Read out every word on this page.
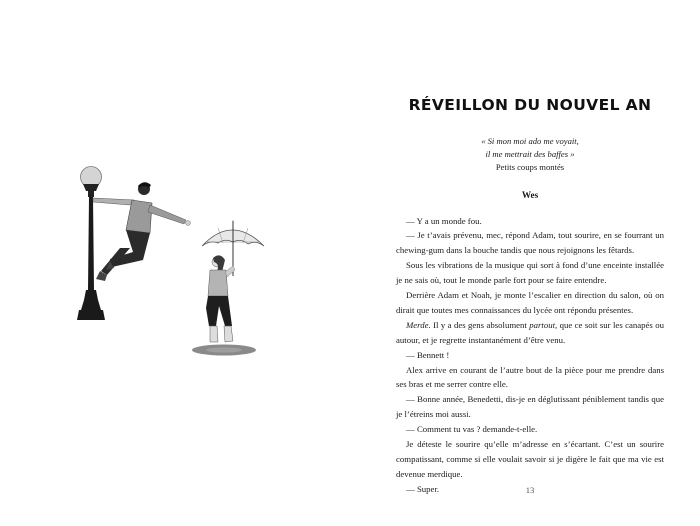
RÉVEILLON DU NOUVEL AN
« Si mon moi ado me voyait,
il me mettrait des baffes »
Petits coups montés
Wes

— Y a un monde fou.

— Je t’avais prévenu, mec, répond Adam, tout sourire, en se fourrant un chewing-gum dans la bouche tandis que nous rejoignons les fêtards.

Sous les vibrations de la musique qui sort à fond d’une enceinte installée je ne sais où, tout le monde parle fort pour se faire entendre.

Derrière Adam et Noah, je monte l’escalier en direction du salon, où on dirait que toutes mes connaissances du lycée ont répondu présentes.

Merde. Il y a des gens absolument partout, que ce soit sur les canapés ou autour, et je regrette instantanément d’être venu.

— Bennett !

Alex arrive en courant de l’autre bout de la pièce pour me prendre dans ses bras et me serrer contre elle.

— Bonne année, Benedetti, dis-je en déglutissant péniblement tandis que je l’étreins moi aussi.

— Comment tu vas ? demande-t-elle.

Je déteste le sourire qu’elle m’adresse en s’écartant. C’est un sourire compatissant, comme si elle voulait savoir si je digère le fait que ma vie est devenue merdique.

— Super.	13
